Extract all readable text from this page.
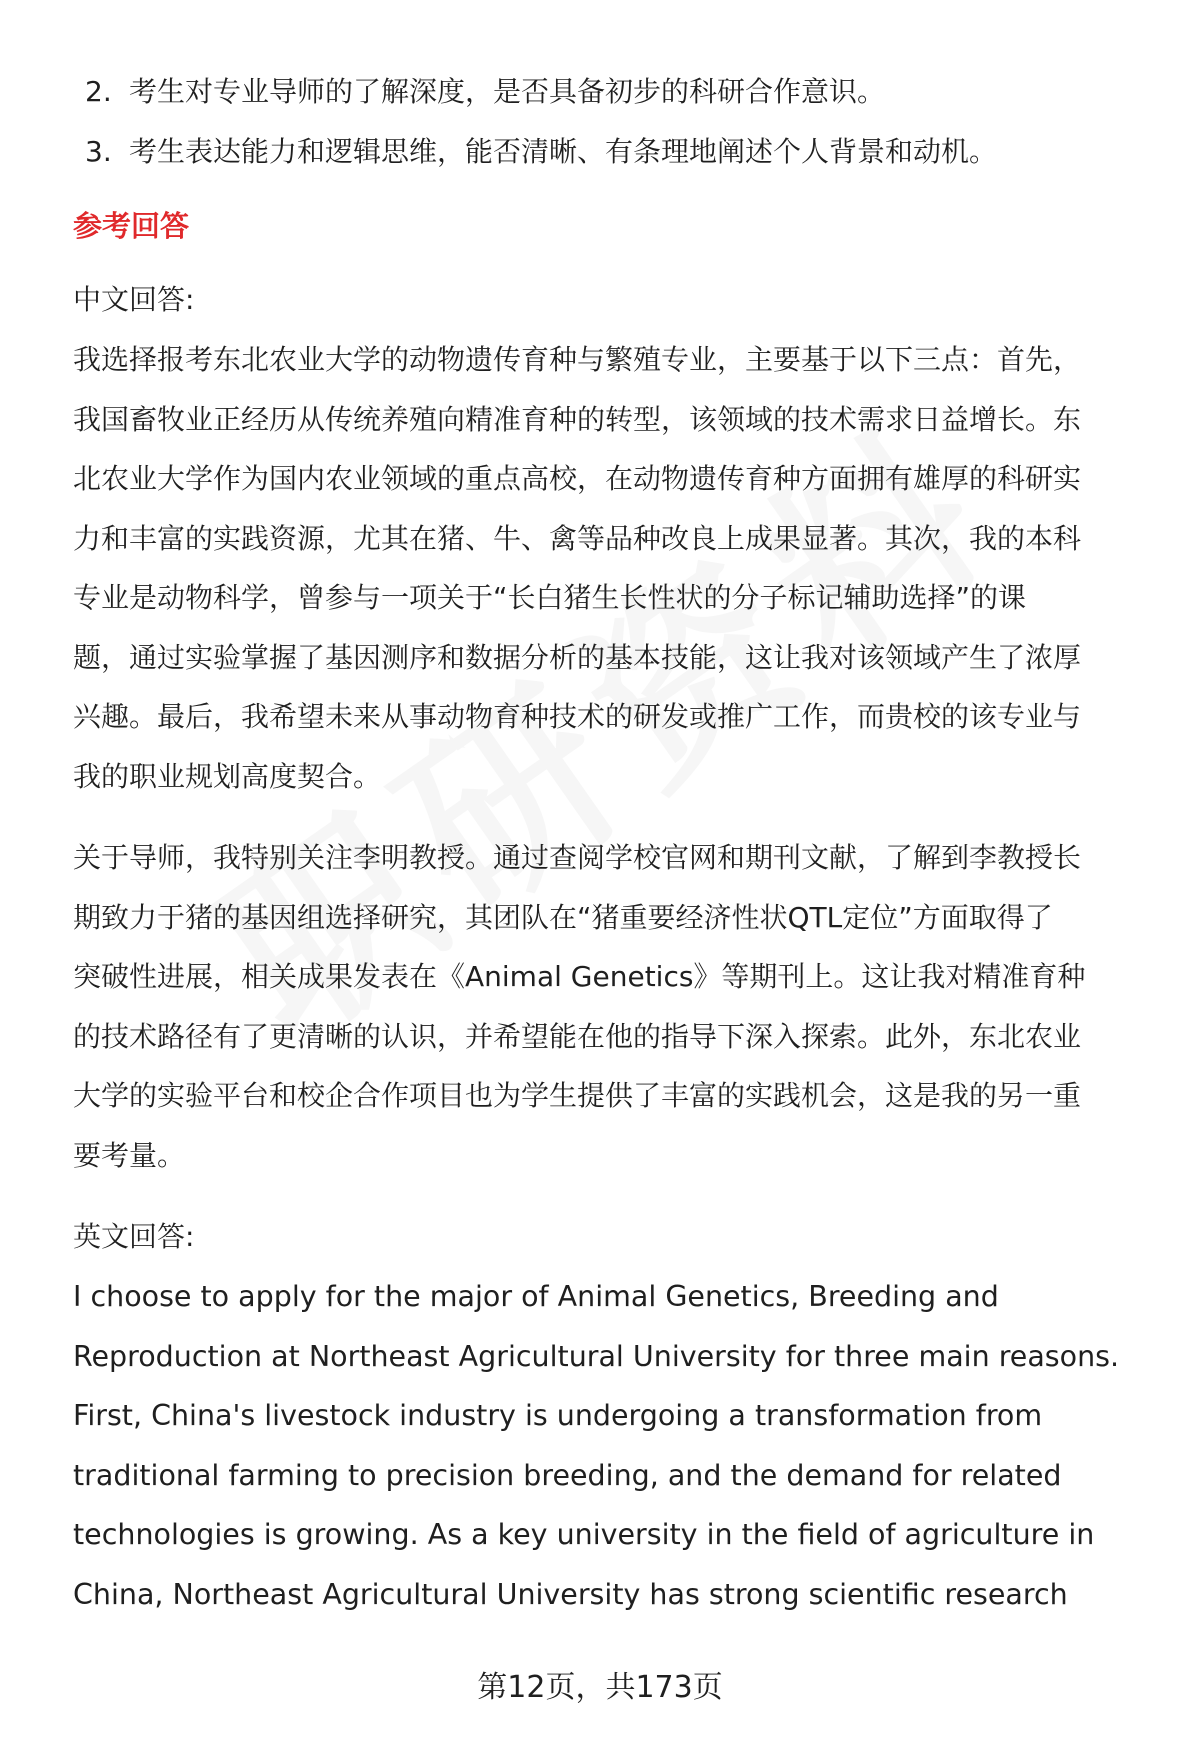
2. 考生对专业导师的了解深度，是否具备初步的科研合作意识。
3. 考生表达能力和逻辑思维，能否清晰、有条理地阐述个人背景和动机。
参考回答
中文回答:

我选择报考东北农业大学的动物遗传育种与繁殖专业，主要基于以下三点：首先，
我国畜牧业正经历从传统养殖向精准育种的转型，该领域的技术需求日益增长。东
北农业大学作为国内农业领域的重点高校，在动物遗传育种方面拥有雄厚的科研实
力和丰富的实践资源，尤其在猪、牛、禽等品种改良上成果显著。其次，我的本科
专业是动物科学，曾参与一项关于“长白猪生长性状的分子标记辅助选择”的课
题，通过实验掌握了基因测序和数据分析的基本技能，这让我对该领域产生了浓厚
兴趣。最后，我希望未来从事动物育种技术的研发或推广工作，而贵校的该专业与
我的职业规划高度契合。

关于导师，我特别关注李明教授。通过查阅学校官网和期刊文献，了解到李教授长
期致力于猪的基因组选择研究，其团队在“猪重要经济性状QTL定位”方面取得了
突破性进展，相关成果发表在《Animal Genetics》等期刊上。这让我对精准育种
的技术路径有了更清晰的认识，并希望能在他的指导下深入探索。此外，东北农业
大学的实验平台和校企合作项目也为学生提供了丰富的实践机会，这是我的另一重
要考量。

英文回答:

I choose to apply for the major of Animal Genetics, Breeding and
Reproduction at Northeast Agricultural University for three main reasons.
First, China's livestock industry is undergoing a transformation from
traditional farming to precision breeding, and the demand for related
technologies is growing. As a key university in the field of agriculture in
China, Northeast Agricultural University has strong scientific research

第12页，共173页
